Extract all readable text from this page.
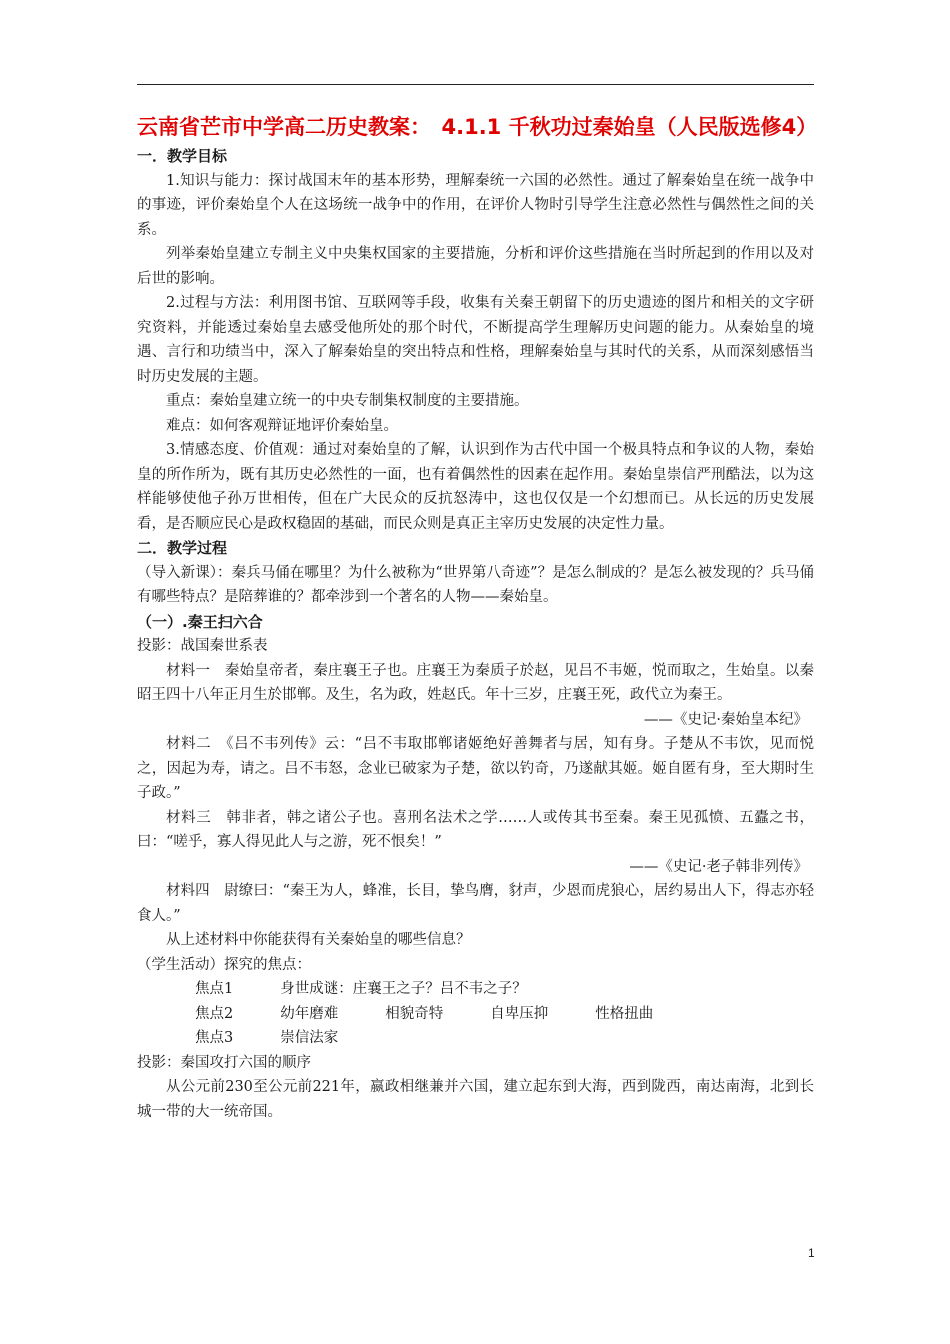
云南省芒市中学高二历史教案：　4.1.1 千秋功过秦始皇（人民版选修4）

一．教学目标

1.知识与能力：探讨战国末年的基本形势，理解秦统一六国的必然性。通过了解秦始皇在统一战争中的事迹，评价秦始皇个人在这场统一战争中的作用，在评价人物时引导学生注意必然性与偶然性之间的关系。

列举秦始皇建立专制主义中央集权国家的主要措施，分析和评价这些措施在当时所起到的作用以及对后世的影响。

2.过程与方法：利用图书馆、互联网等手段，收集有关秦王朝留下的历史遗迹的图片和相关的文字研究资料，并能透过秦始皇去感受他所处的那个时代，不断提高学生理解历史问题的能力。从秦始皇的境遇、言行和功绩当中，深入了解秦始皇的突出特点和性格，理解秦始皇与其时代的关系，从而深刻感悟当时历史发展的主题。

重点：秦始皇建立统一的中央专制集权制度的主要措施。

难点：如何客观辩证地评价秦始皇。

3.情感态度、价值观：通过对秦始皇的了解，认识到作为古代中国一个极具特点和争议的人物，秦始皇的所作所为，既有其历史必然性的一面，也有着偶然性的因素在起作用。秦始皇崇信严刑酷法，以为这样能够使他子孙万世相传，但在广大民众的反抗怒涛中，这也仅仅是一个幻想而已。从长远的历史发展看，是否顺应民心是政权稳固的基础，而民众则是真正主宰历史发展的决定性力量。

二．教学过程

（导入新课）：秦兵马俑在哪里？为什么被称为“世界第八奇迹”？是怎么制成的？是怎么被发现的？兵马俑有哪些特点？是陪葬谁的？都牵涉到一个著名的人物——秦始皇。

（一）.秦王扫六合

投影：战国秦世系表

材料一　秦始皇帝者，秦庄襄王子也。庄襄王为秦质子於赵，见吕不韦姬，悦而取之，生始皇。以秦昭王四十八年正月生於邯郸。及生，名为政，姓赵氏。年十三岁，庄襄王死，政代立为秦王。

——《史记·秦始皇本纪》

材料二　《吕不韦列传》云：“吕不韦取邯郸诸姬绝好善舞者与居，知有身。子楚从不韦饮，见而悦之，因起为寿，请之。吕不韦怒，念业已破家为子楚，欲以钓奇，乃遂献其姬。姬自匿有身，至大期时生子政。”

材料三　韩非者，韩之诸公子也。喜刑名法术之学……人或传其书至秦。秦王见孤愤、五蠹之书，曰：“嗟乎，寡人得见此人与之游，死不恨矣！”

——《史记·老子韩非列传》

材料四　尉缭曰：“秦王为人，蜂准，长目，挚鸟膺，豺声，少恩而虎狼心，居约易出人下，得志亦轻食人。”

从上述材料中你能获得有关秦始皇的哪些信息？

（学生活动）探究的焦点：

焦点1	身世成谜：庄襄王之子？吕不韦之子？

焦点2	幼年磨难	相貌奇特	自卑压抑	性格扭曲

焦点3	崇信法家

投影：秦国攻打六国的顺序

从公元前230至公元前221年，嬴政相继兼并六国，建立起东到大海，西到陇西，南达南海，北到长城一带的大一统帝国。

1
